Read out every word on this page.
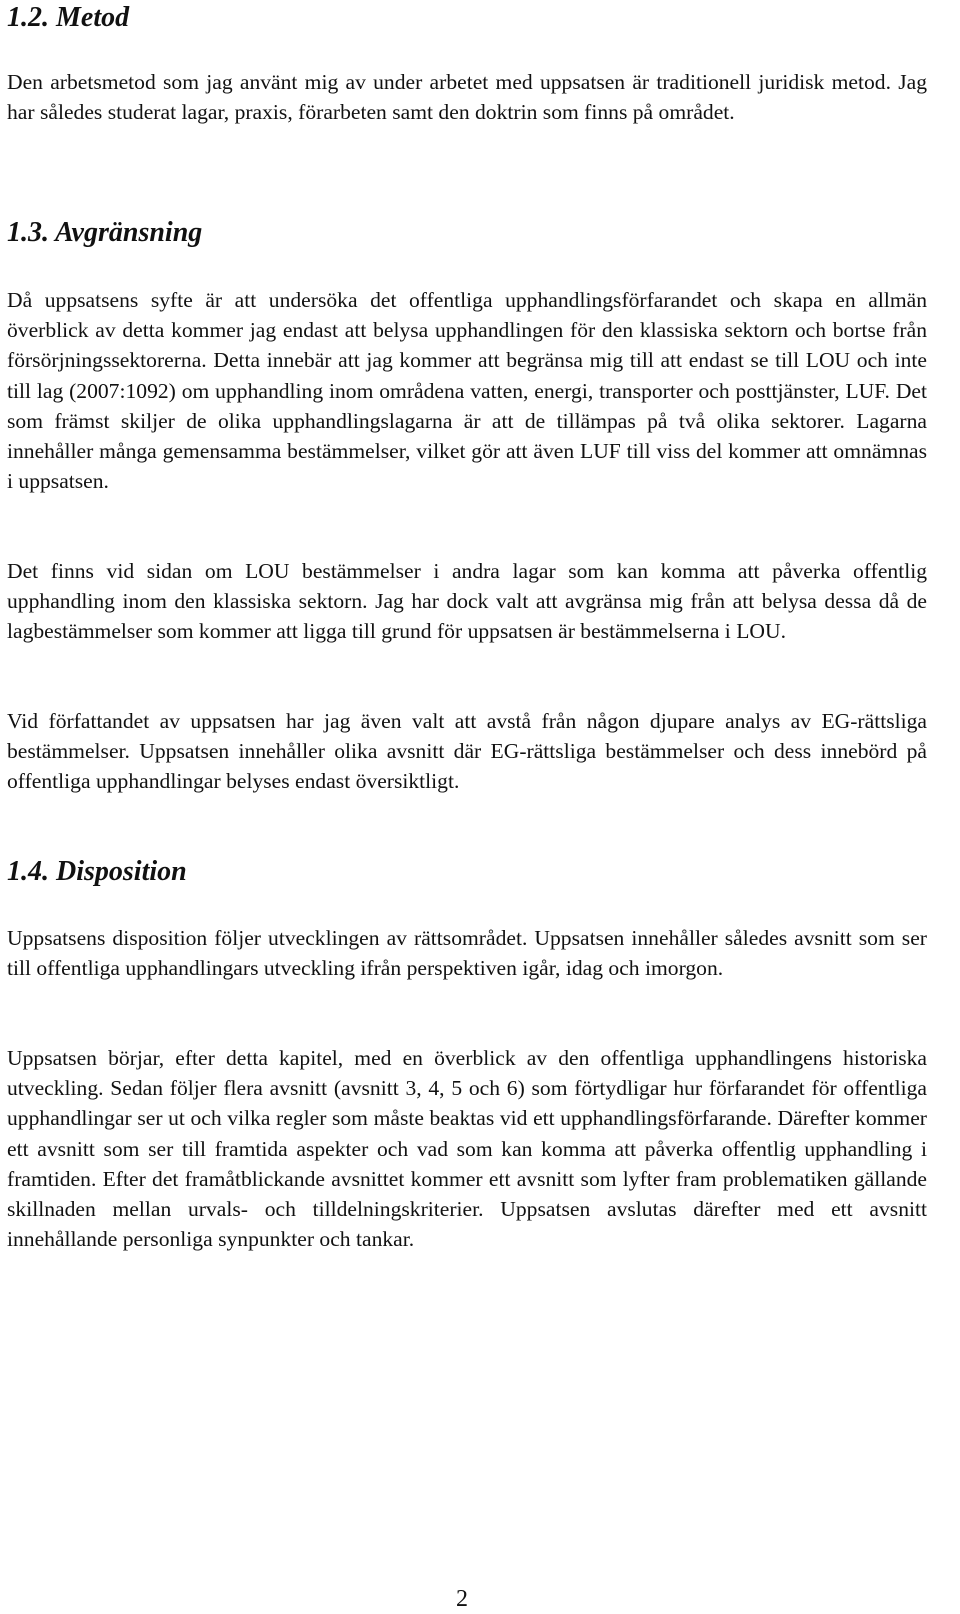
1.2. Metod

Den arbetsmetod som jag använt mig av under arbetet med uppsatsen är traditionell juridisk metod. Jag har således studerat lagar, praxis, förarbeten samt den doktrin som finns på området.

1.3. Avgränsning

Då uppsatsens syfte är att undersöka det offentliga upphandlingsförfarandet och skapa en allmän överblick av detta kommer jag endast att belysa upphandlingen för den klassiska sektorn och bortse från försörjningssektorerna. Detta innebär att jag kommer att begränsa mig till att endast se till LOU och inte till lag (2007:1092) om upphandling inom områdena vatten, energi, transporter och posttjänster, LUF. Det som främst skiljer de olika upphandlingslagarna är att de tillämpas på två olika sektorer. Lagarna innehåller många gemensamma bestämmelser, vilket gör att även LUF till viss del kommer att omnämnas i uppsatsen.

Det finns vid sidan om LOU bestämmelser i andra lagar som kan komma att påverka offentlig upphandling inom den klassiska sektorn. Jag har dock valt att avgränsa mig från att belysa dessa då de lagbestämmelser som kommer att ligga till grund för uppsatsen är bestämmelserna i LOU.

Vid författandet av uppsatsen har jag även valt att avstå från någon djupare analys av EG-rättsliga bestämmelser. Uppsatsen innehåller olika avsnitt där EG-rättsliga bestämmelser och dess innebörd på offentliga upphandlingar belyses endast översiktligt.

1.4. Disposition

Uppsatsens disposition följer utvecklingen av rättsområdet. Uppsatsen innehåller således avsnitt som ser till offentliga upphandlingars utveckling ifrån perspektiven igår, idag och imorgon.

Uppsatsen börjar, efter detta kapitel, med en överblick av den offentliga upphandlingens historiska utveckling. Sedan följer flera avsnitt (avsnitt 3, 4, 5 och 6) som förtydligar hur förfarandet för offentliga upphandlingar ser ut och vilka regler som måste beaktas vid ett upphandlingsförfarande. Därefter kommer ett avsnitt som ser till framtida aspekter och vad som kan komma att påverka offentlig upphandling i framtiden. Efter det framåtblickande avsnittet kommer ett avsnitt som lyfter fram problematiken gällande skillnaden mellan urvals- och tilldelningskriterier. Uppsatsen avslutas därefter med ett avsnitt innehållande personliga synpunkter och tankar.

2
